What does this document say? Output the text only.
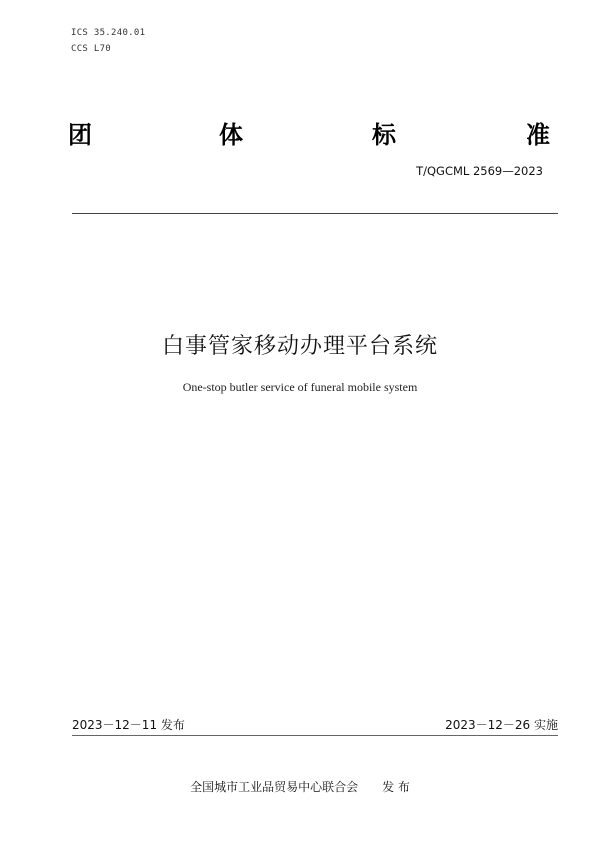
ICS 35.240.01
CCS L70
团	体	标	准
T/QGCML 2569—2023
白事管家移动办理平台系统
One-stop butler service of funeral mobile system
2023－12－11 发布	2023－12－26 实施
全国城市工业品贸易中心联合会 发 布
